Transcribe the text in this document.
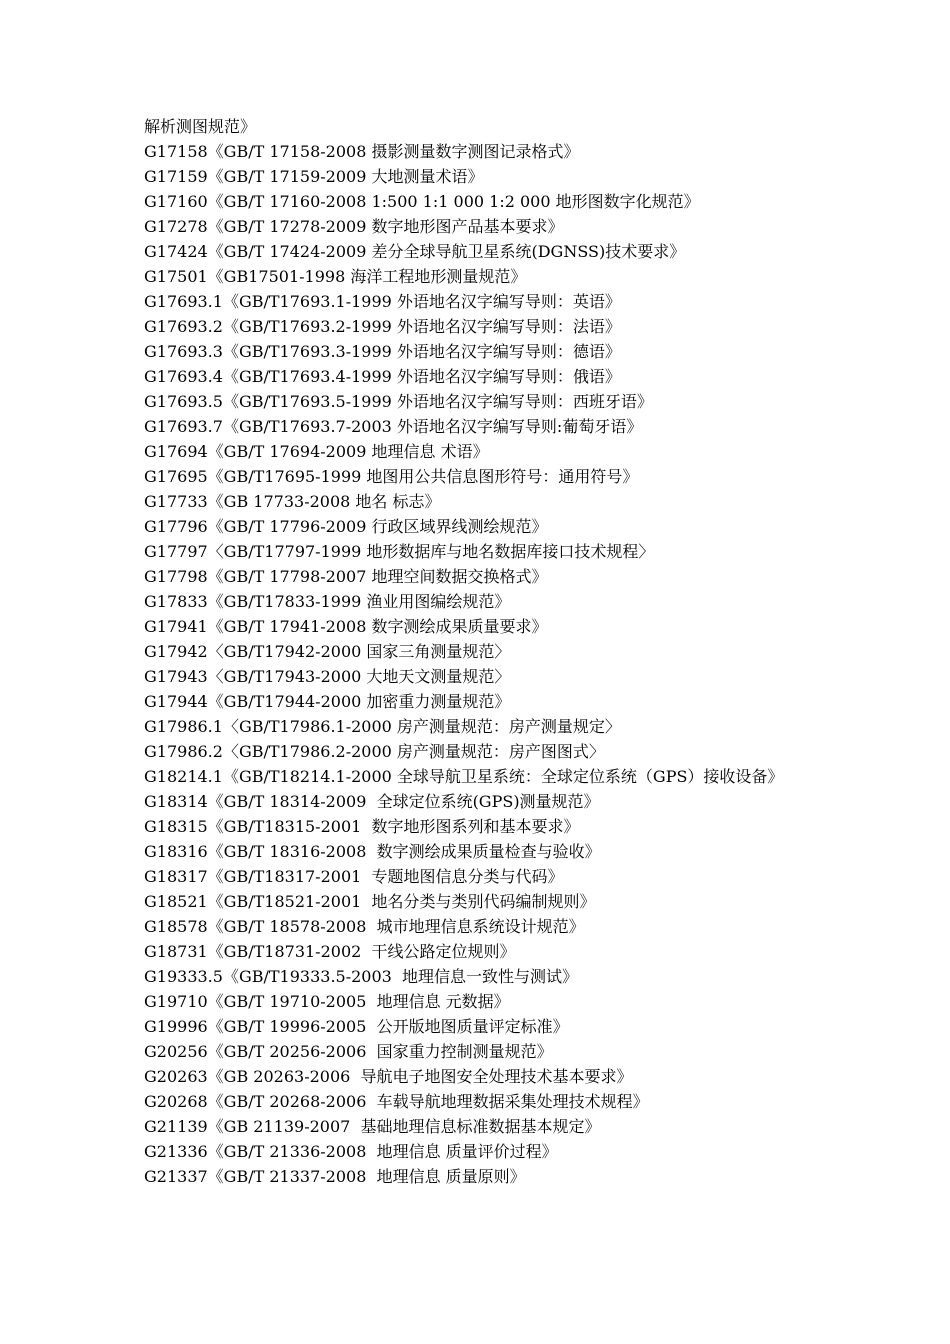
解析测图规范》
G17158《GB/T 17158-2008 摄影测量数字测图记录格式》
G17159《GB/T 17159-2009 大地测量术语》
G17160《GB/T 17160-2008 1:500 1:1 000 1:2 000 地形图数字化规范》
G17278《GB/T 17278-2009 数字地形图产品基本要求》
G17424《GB/T 17424-2009 差分全球导航卫星系统(DGNSS)技术要求》
G17501《GB17501-1998 海洋工程地形测量规范》
G17693.1《GB/T17693.1-1999 外语地名汉字编写导则：英语》
G17693.2《GB/T17693.2-1999 外语地名汉字编写导则：法语》
G17693.3《GB/T17693.3-1999 外语地名汉字编写导则：德语》
G17693.4《GB/T17693.4-1999 外语地名汉字编写导则：俄语》
G17693.5《GB/T17693.5-1999 外语地名汉字编写导则：西班牙语》
G17693.7《GB/T17693.7-2003 外语地名汉字编写导则:葡萄牙语》
G17694《GB/T 17694-2009 地理信息 术语》
G17695《GB/T17695-1999 地图用公共信息图形符号：通用符号》
G17733《GB 17733-2008 地名 标志》
G17796《GB/T 17796-2009 行政区域界线测绘规范》
G17797〈GB/T17797-1999 地形数据库与地名数据库接口技术规程〉
G17798《GB/T 17798-2007 地理空间数据交换格式》
G17833《GB/T17833-1999 渔业用图编绘规范》
G17941《GB/T 17941-2008 数字测绘成果质量要求》
G17942〈GB/T17942-2000 国家三角测量规范〉
G17943〈GB/T17943-2000 大地天文测量规范〉
G17944《GB/T17944-2000 加密重力测量规范》
G17986.1〈GB/T17986.1-2000 房产测量规范：房产测量规定〉
G17986.2〈GB/T17986.2-2000 房产测量规范：房产图图式〉
G18214.1《GB/T18214.1-2000 全球导航卫星系统：全球定位系统（GPS）接收设备》
G18314《GB/T 18314-2009  全球定位系统(GPS)测量规范》
G18315《GB/T18315-2001  数字地形图系列和基本要求》
G18316《GB/T 18316-2008  数字测绘成果质量检查与验收》
G18317《GB/T18317-2001  专题地图信息分类与代码》
G18521《GB/T18521-2001  地名分类与类别代码编制规则》
G18578《GB/T 18578-2008  城市地理信息系统设计规范》
G18731《GB/T18731-2002  干线公路定位规则》
G19333.5《GB/T19333.5-2003  地理信息一致性与测试》
G19710《GB/T 19710-2005  地理信息 元数据》
G19996《GB/T 19996-2005  公开版地图质量评定标准》
G20256《GB/T 20256-2006  国家重力控制测量规范》
G20263《GB 20263-2006  导航电子地图安全处理技术基本要求》
G20268《GB/T 20268-2006  车载导航地理数据采集处理技术规程》
G21139《GB 21139-2007  基础地理信息标准数据基本规定》
G21336《GB/T 21336-2008  地理信息 质量评价过程》
G21337《GB/T 21337-2008  地理信息 质量原则》
